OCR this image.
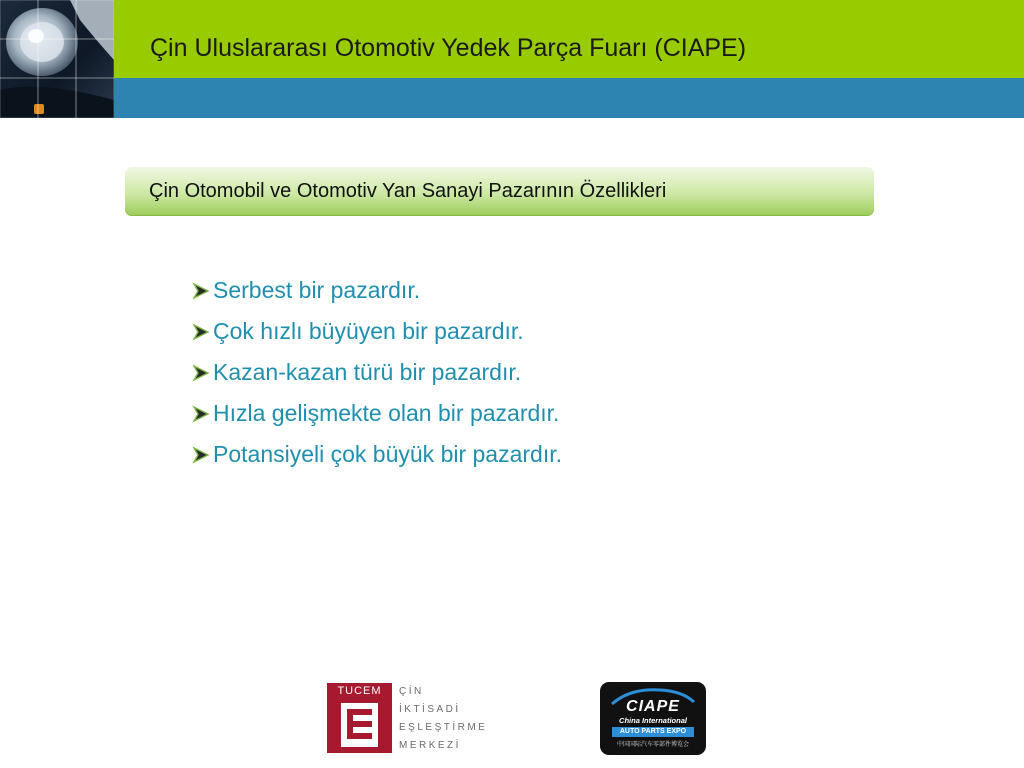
Çin Uluslararası Otomotiv Yedek Parça Fuarı (CIAPE)
Çin Otomobil ve Otomotiv Yan Sanayi Pazarının Özellikleri
Serbest bir pazardır.
Çok hızlı büyüyen bir pazardır.
Kazan-kazan türü bir pazardır.
Hızla gelişmekte olan bir pazardır.
Potansiyeli çok büyük bir pazardır.
TUCEM	ÇİN
İKTİSADİ
EŞLEŞTİRME
MERKEZİ
CIAPE
China International
AUTO PARTS EXPO
中国国际汽车零部件博览会
